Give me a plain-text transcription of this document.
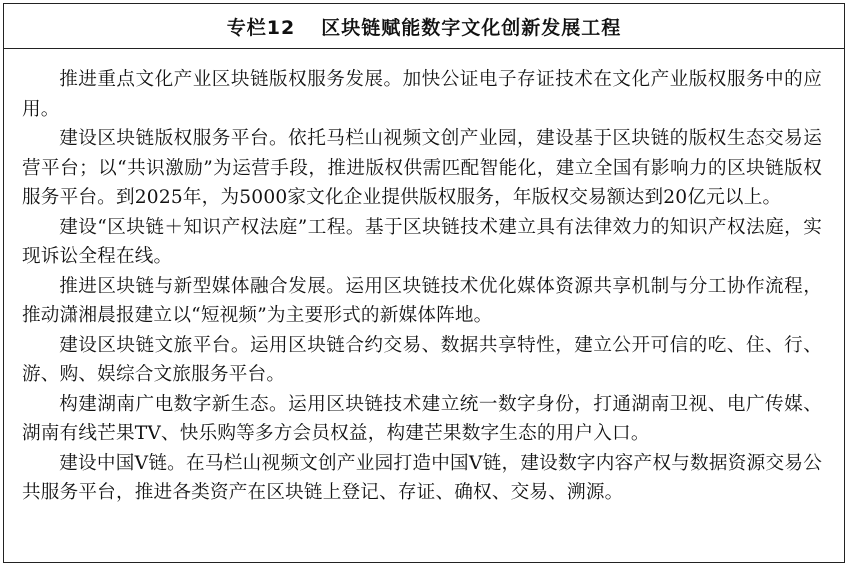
专栏12 区块链赋能数字文化创新发展工程

推进重点文化产业区块链版权服务发展。加快公证电子存证技术在文化产业版权服务中的应用。

建设区块链版权服务平台。依托马栏山视频文创产业园，建设基于区块链的版权生态交易运营平台；以“共识激励”为运营手段，推进版权供需匹配智能化，建立全国有影响力的区块链版权服务平台。到2025年，为5000家文化企业提供版权服务，年版权交易额达到20亿元以上。

建设“区块链＋知识产权法庭”工程。基于区块链技术建立具有法律效力的知识产权法庭，实现诉讼全程在线。

推进区块链与新型媒体融合发展。运用区块链技术优化媒体资源共享机制与分工协作流程，推动潇湘晨报建立以“短视频”为主要形式的新媒体阵地。

建设区块链文旅平台。运用区块链合约交易、数据共享特性，建立公开可信的吃、住、行、游、购、娱综合文旅服务平台。

构建湖南广电数字新生态。运用区块链技术建立统一数字身份，打通湖南卫视、电广传媒、湖南有线芒果TV、快乐购等多方会员权益，构建芒果数字生态的用户入口。

建设中国V链。在马栏山视频文创产业园打造中国V链，建设数字内容产权与数据资源交易公共服务平台，推进各类资产在区块链上登记、存证、确权、交易、溯源。
